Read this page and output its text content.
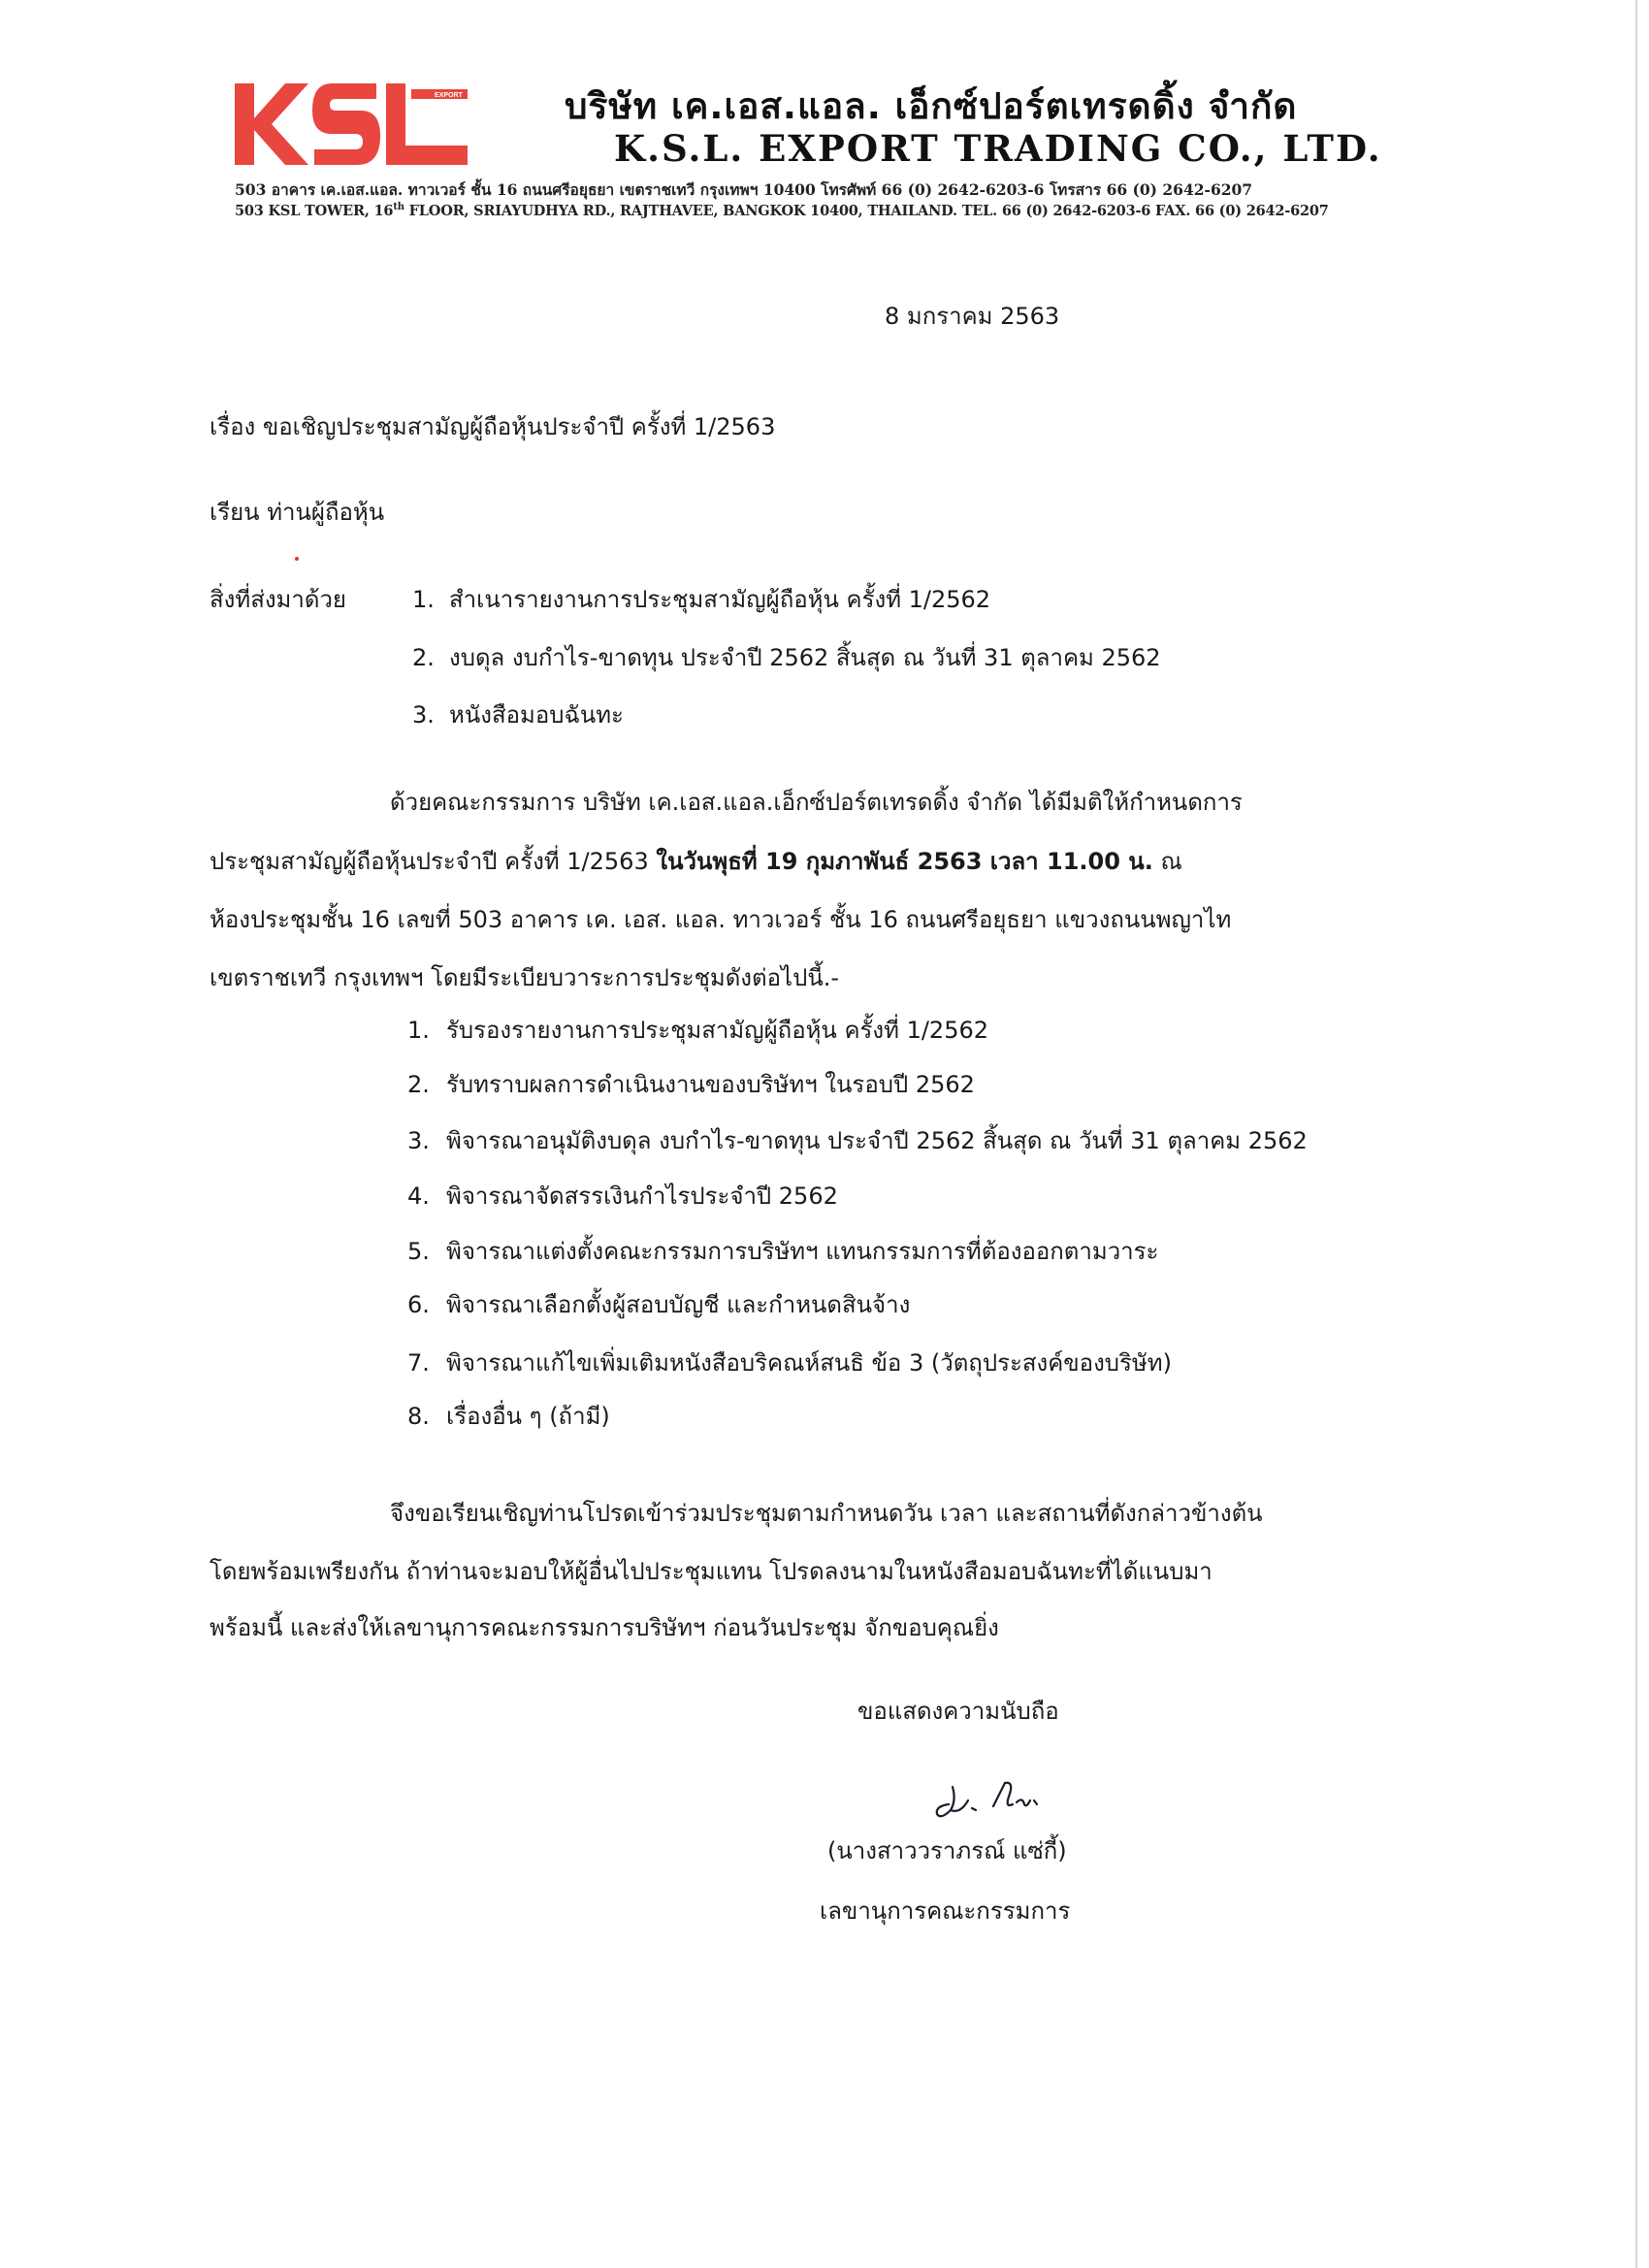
EXPORT	บริษัท เค.เอส.แอล. เอ็กซ์ปอร์ตเทรดดิ้ง จำกัด
K.S.L. EXPORT TRADING CO., LTD.
503 อาคาร เค.เอส.แอล. ทาวเวอร์ ชั้น 16 ถนนศรีอยุธยา เขตราชเทวี กรุงเทพฯ 10400 โทรศัพท์ 66 (0) 2642-6203-6 โทรสาร 66 (0) 2642-6207
503 KSL TOWER, 16th FLOOR, SRIAYUDHYA RD., RAJTHAVEE, BANGKOK 10400, THAILAND. TEL. 66 (0) 2642-6203-6 FAX. 66 (0) 2642-6207
8 มกราคม 2563
เรื่อง ขอเชิญประชุมสามัญผู้ถือหุ้นประจำปี ครั้งที่ 1/2563
เรียน ท่านผู้ถือหุ้น
สิ่งที่ส่งมาด้วย	1. สำเนารายงานการประชุมสามัญผู้ถือหุ้น ครั้งที่ 1/2562
2. งบดุล งบกำไร-ขาดทุน ประจำปี 2562 สิ้นสุด ณ วันที่ 31 ตุลาคม 2562
3. หนังสือมอบฉันทะ
ด้วยคณะกรรมการ บริษัท เค.เอส.แอล.เอ็กซ์ปอร์ตเทรดดิ้ง จำกัด ได้มีมติให้กำหนดการ
ประชุมสามัญผู้ถือหุ้นประจำปี ครั้งที่ 1/2563 ในวันพุธที่ 19 กุมภาพันธ์ 2563 เวลา 11.00 น. ณ
ห้องประชุมชั้น 16 เลขที่ 503 อาคาร เค. เอส. แอล. ทาวเวอร์ ชั้น 16 ถนนศรีอยุธยา แขวงถนนพญาไท
เขตราชเทวี กรุงเทพฯ โดยมีระเบียบวาระการประชุมดังต่อไปนี้.-
1. รับรองรายงานการประชุมสามัญผู้ถือหุ้น ครั้งที่ 1/2562
2. รับทราบผลการดำเนินงานของบริษัทฯ ในรอบปี 2562
3. พิจารณาอนุมัติงบดุล งบกำไร-ขาดทุน ประจำปี 2562 สิ้นสุด ณ วันที่ 31 ตุลาคม 2562
4. พิจารณาจัดสรรเงินกำไรประจำปี 2562
5. พิจารณาแต่งตั้งคณะกรรมการบริษัทฯ แทนกรรมการที่ต้องออกตามวาระ
6. พิจารณาเลือกตั้งผู้สอบบัญชี และกำหนดสินจ้าง
7. พิจารณาแก้ไขเพิ่มเติมหนังสือบริคณห์สนธิ ข้อ 3 (วัตถุประสงค์ของบริษัท)
8. เรื่องอื่น ๆ (ถ้ามี)
จึงขอเรียนเชิญท่านโปรดเข้าร่วมประชุมตามกำหนดวัน เวลา และสถานที่ดังกล่าวข้างต้น
โดยพร้อมเพรียงกัน ถ้าท่านจะมอบให้ผู้อื่นไปประชุมแทน โปรดลงนามในหนังสือมอบฉันทะที่ได้แนบมา
พร้อมนี้ และส่งให้เลขานุการคณะกรรมการบริษัทฯ ก่อนวันประชุม จักขอบคุณยิ่ง
ขอแสดงความนับถือ
(นางสาววราภรณ์ แซ่กี้)
เลขานุการคณะกรรมการ
